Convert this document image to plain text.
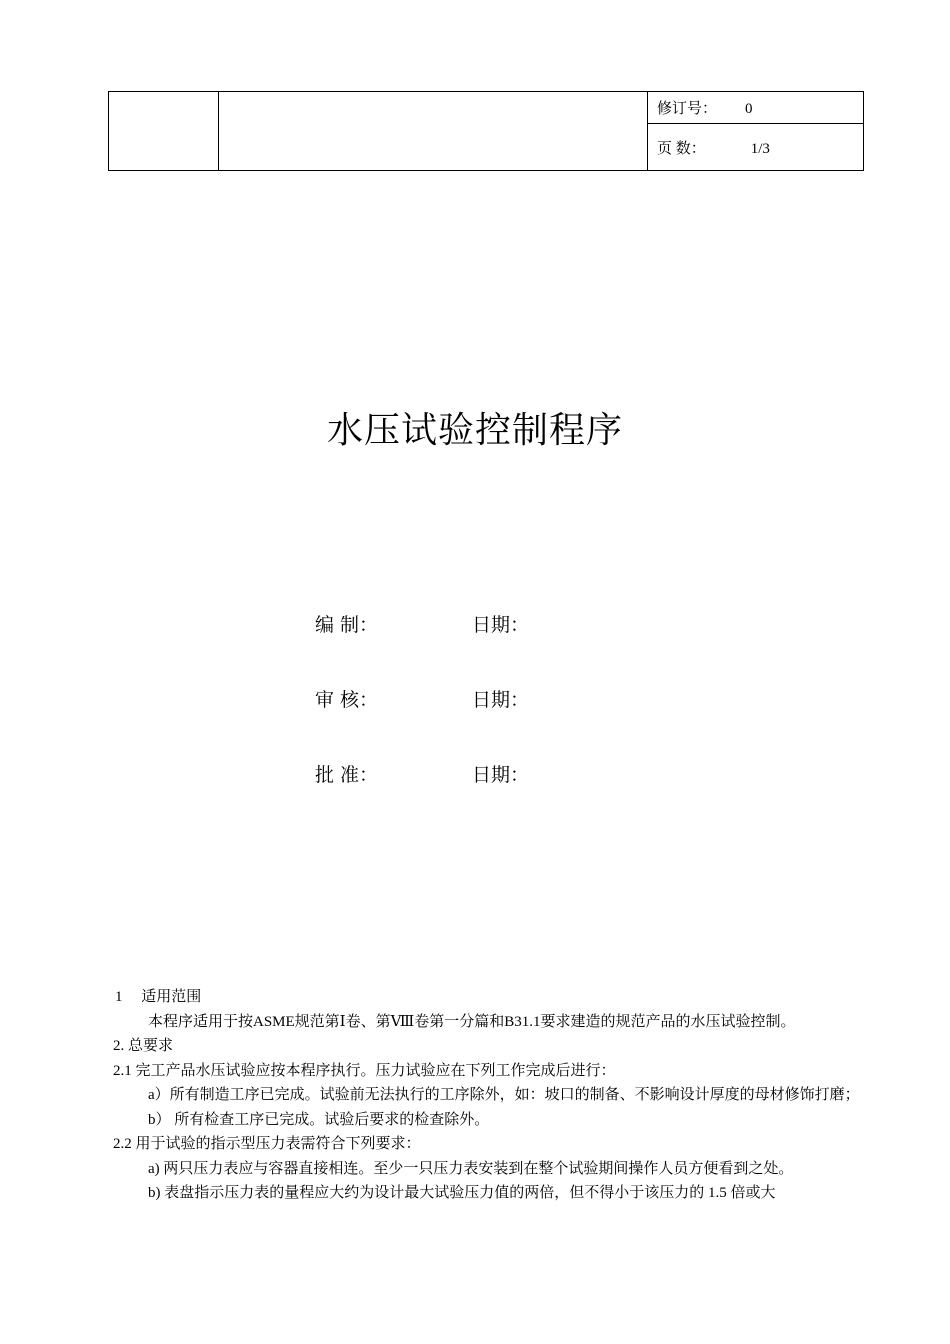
		修订号： 0
页 数：	1/3
水压试验控制程序
编 制：	日期：
审 核：	日期：
批 准：	日期：

1　 适用范围

本程序适用于按ASME规范第Ⅰ卷、第Ⅷ卷第一分篇和B31.1要求建造的规范产品的水压试验控制。

2. 总要求

2.1 完工产品水压试验应按本程序执行。压力试验应在下列工作完成后进行：

a）所有制造工序已完成。试验前无法执行的工序除外，如：坡口的制备、不影响设计厚度的母材修饰打磨；

b） 所有检查工序已完成。试验后要求的检查除外。

2.2 用于试验的指示型压力表需符合下列要求：

a) 两只压力表应与容器直接相连。至少一只压力表安装到在整个试验期间操作人员方便看到之处。

b) 表盘指示压力表的量程应大约为设计最大试验压力值的两倍，但不得小于该压力的 1.5 倍或大
